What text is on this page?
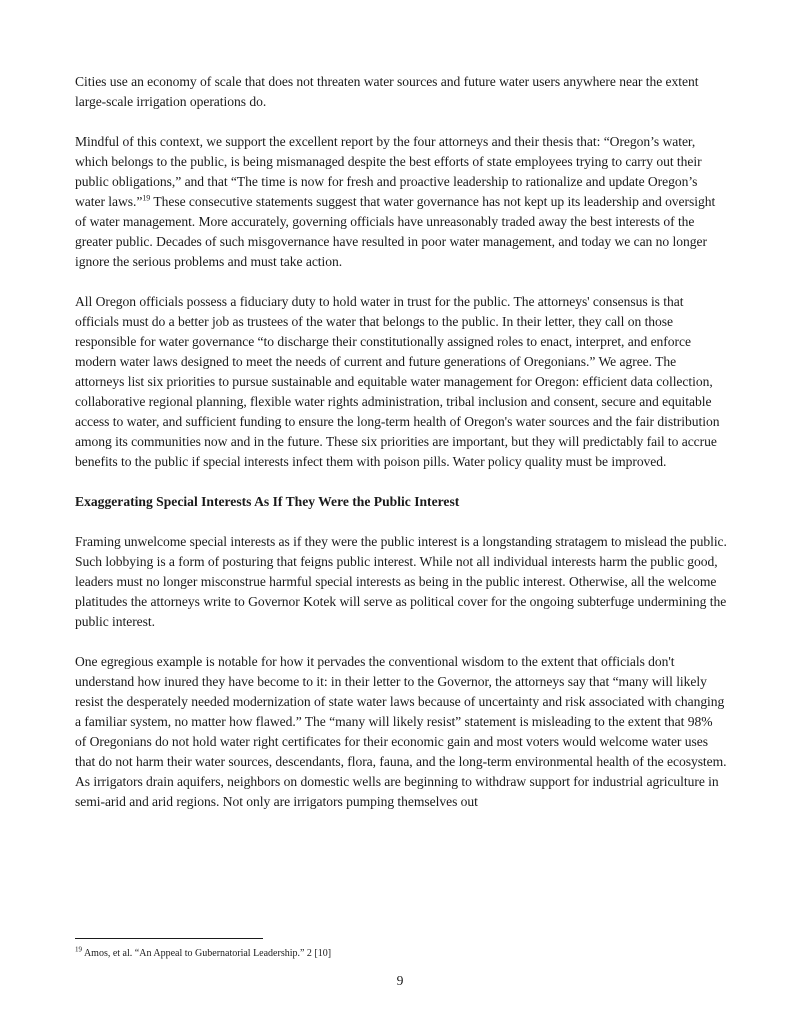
Cities use an economy of scale that does not threaten water sources and future water users anywhere near the extent large-scale irrigation operations do.

Mindful of this context, we support the excellent report by the four attorneys and their thesis that: “Oregon’s water, which belongs to the public, is being mismanaged despite the best efforts of state employees trying to carry out their public obligations,” and that “The time is now for fresh and proactive leadership to rationalize and update Oregon’s water laws.”$^{19}$ These consecutive statements suggest that water governance has not kept up its leadership and oversight of water management. More accurately, governing officials have unreasonably traded away the best interests of the greater public. Decades of such misgovernance have resulted in poor water management, and today we can no longer ignore the serious problems and must take action.

All Oregon officials possess a fiduciary duty to hold water in trust for the public. The attorneys' consensus is that officials must do a better job as trustees of the water that belongs to the public. In their letter, they call on those responsible for water governance “to discharge their constitutionally assigned roles to enact, interpret, and enforce modern water laws designed to meet the needs of current and future generations of Oregonians.” We agree. The attorneys list six priorities to pursue sustainable and equitable water management for Oregon: efficient data collection, collaborative regional planning, flexible water rights administration, tribal inclusion and consent, secure and equitable access to water, and sufficient funding to ensure the long-term health of Oregon's water sources and the fair distribution among its communities now and in the future. These six priorities are important, but they will predictably fail to accrue benefits to the public if special interests infect them with poison pills. Water policy quality must be improved.

Exaggerating Special Interests As If They Were the Public Interest

Framing unwelcome special interests as if they were the public interest is a longstanding stratagem to mislead the public. Such lobbying is a form of posturing that feigns public interest. While not all individual interests harm the public good, leaders must no longer misconstrue harmful special interests as being in the public interest. Otherwise, all the welcome platitudes the attorneys write to Governor Kotek will serve as political cover for the ongoing subterfuge undermining the public interest.

One egregious example is notable for how it pervades the conventional wisdom to the extent that officials don't understand how inured they have become to it: in their letter to the Governor, the attorneys say that “many will likely resist the desperately needed modernization of state water laws because of uncertainty and risk associated with changing a familiar system, no matter how flawed.” The “many will likely resist” statement is misleading to the extent that 98% of Oregonians do not hold water right certificates for their economic gain and most voters would welcome water uses that do not harm their water sources, descendants, flora, fauna, and the long-term environmental health of the ecosystem. As irrigators drain aquifers, neighbors on domestic wells are beginning to withdraw support for industrial agriculture in semi-arid and arid regions. Not only are irrigators pumping themselves out

$^{19}$ Amos, et al. “An Appeal to Gubernatorial Leadership.” 2 [10]
9
